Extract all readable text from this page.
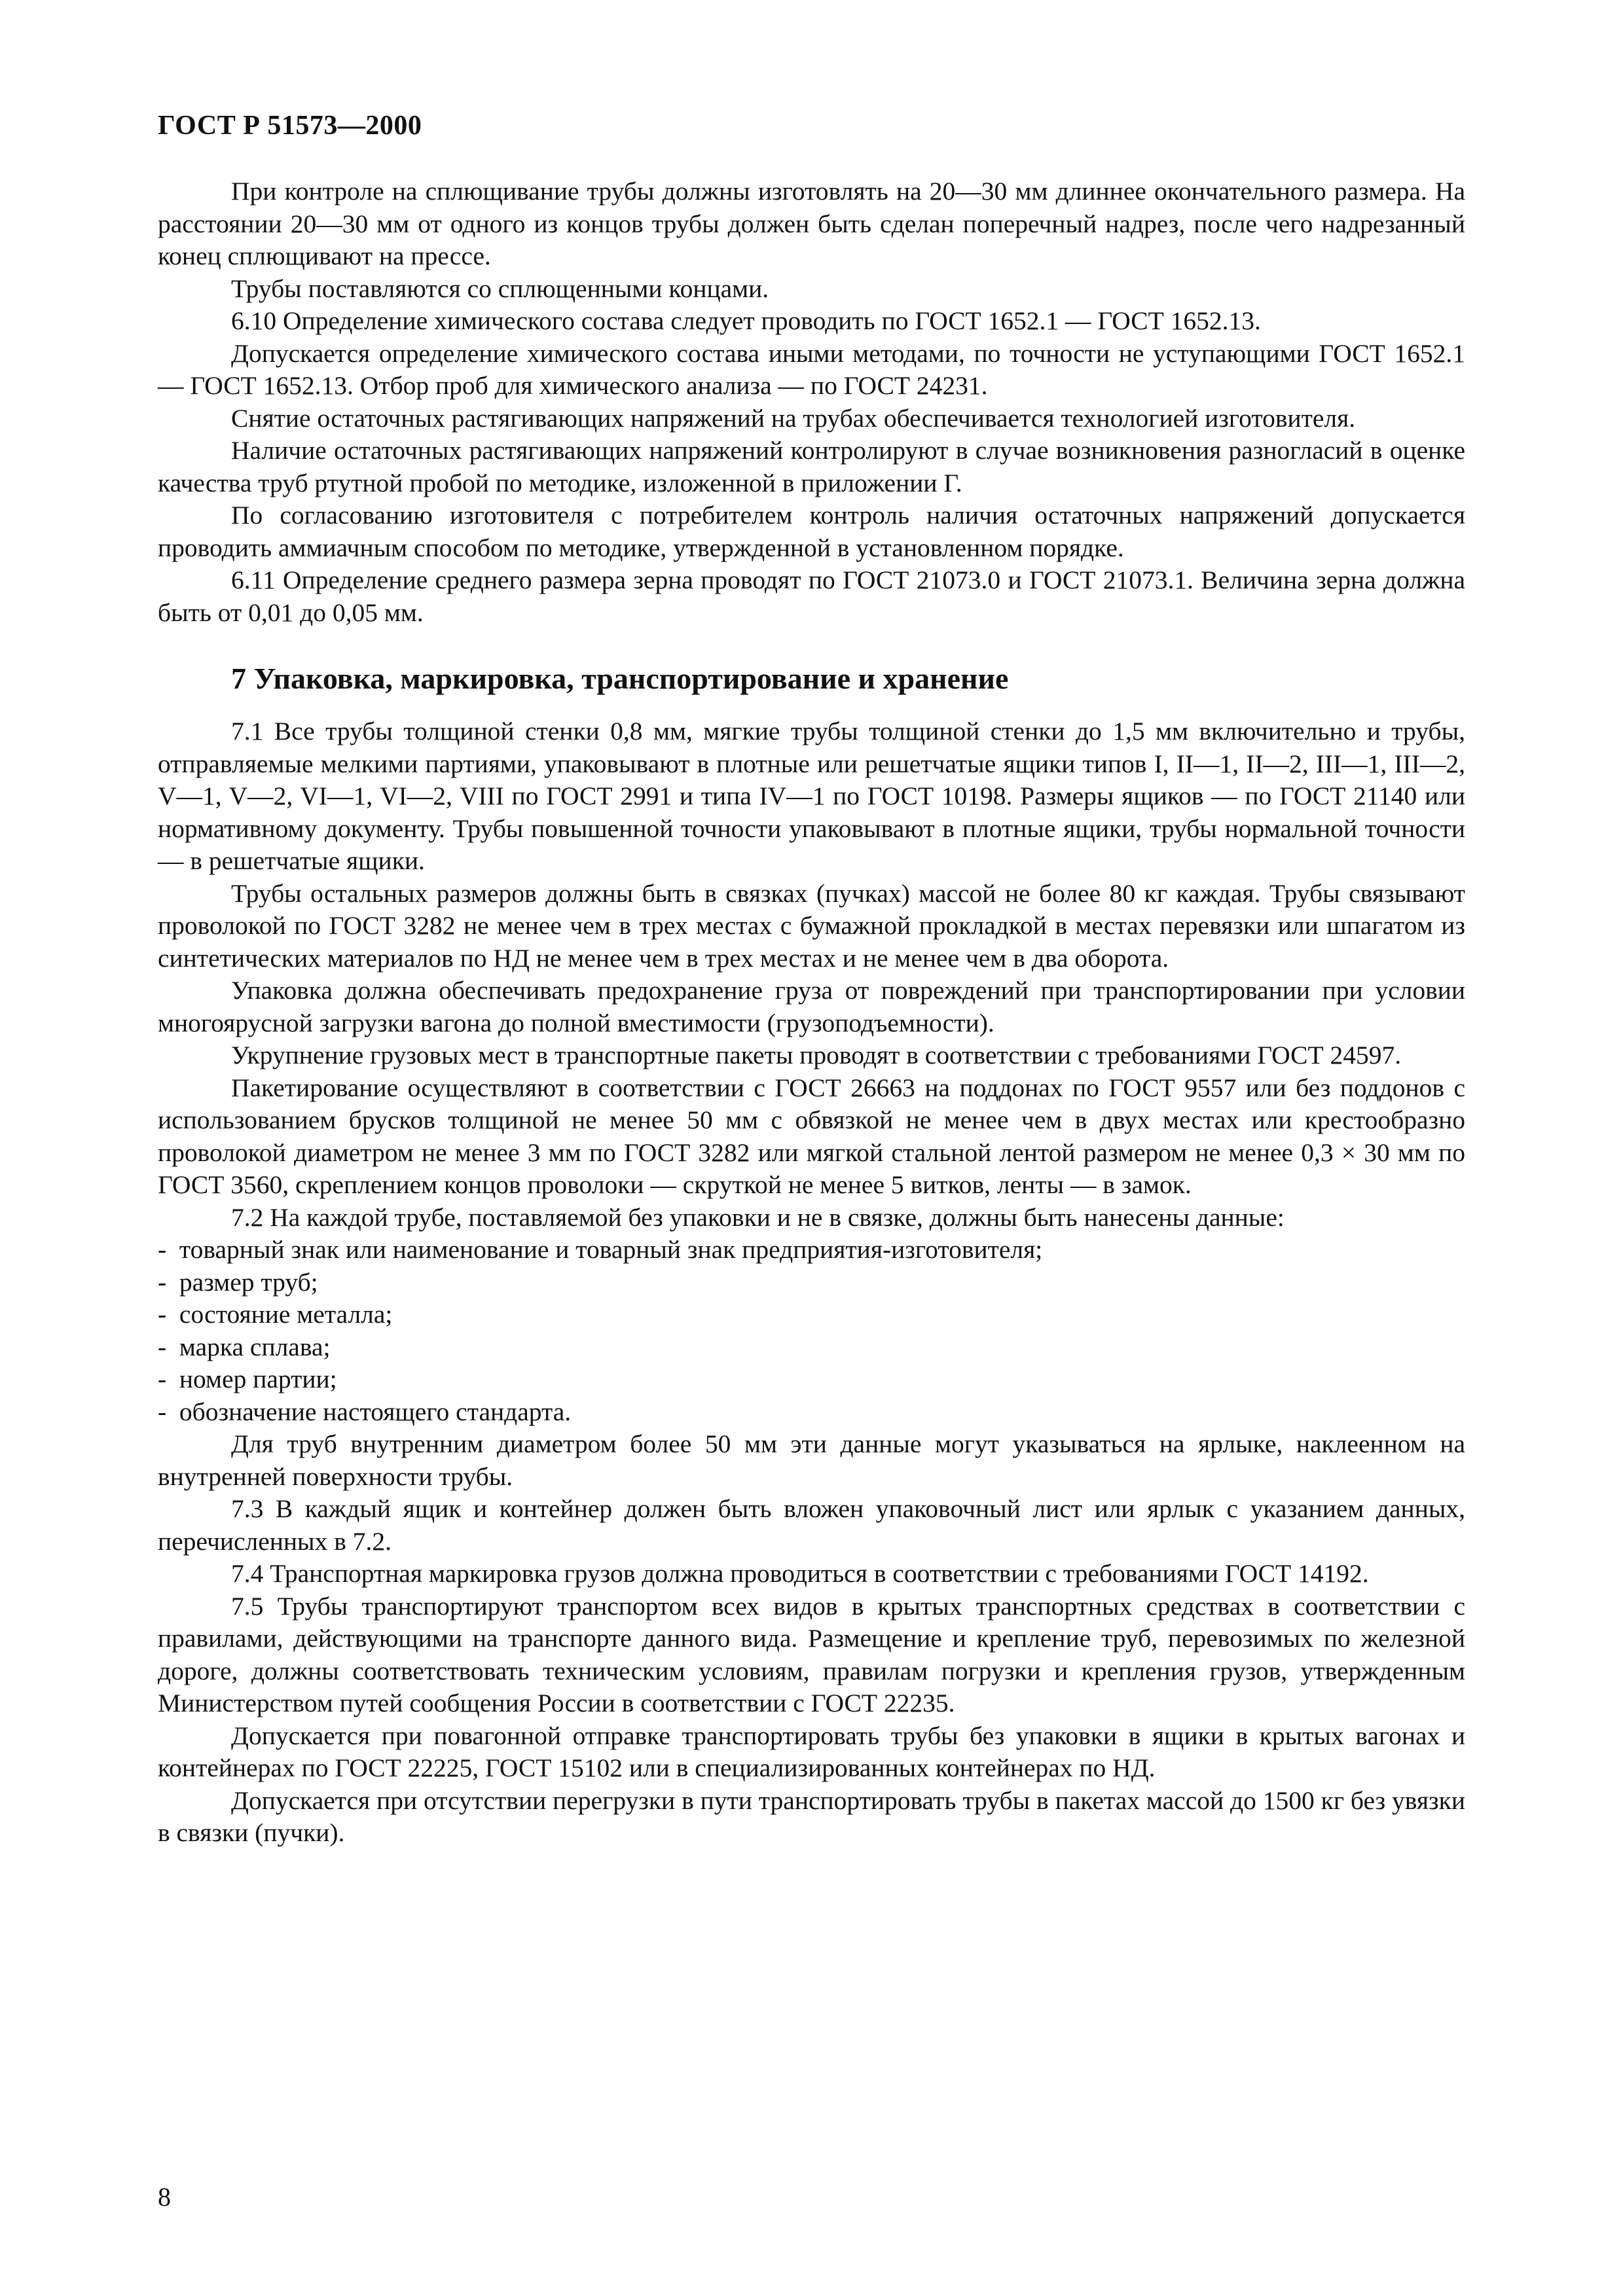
ГОСТ Р 51573—2000

При контроле на сплющивание трубы должны изготовлять на 20—30 мм длиннее окончательного размера. На расстоянии 20—30 мм от одного из концов трубы должен быть сделан поперечный надрез, после чего надрезанный конец сплющивают на прессе.

Трубы поставляются со сплющенными концами.

6.10 Определение химического состава следует проводить по ГОСТ 1652.1 — ГОСТ 1652.13.

Допускается определение химического состава иными методами, по точности не уступающими ГОСТ 1652.1 — ГОСТ 1652.13. Отбор проб для химического анализа — по ГОСТ 24231.

Снятие остаточных растягивающих напряжений на трубах обеспечивается технологией изготовителя.

Наличие остаточных растягивающих напряжений контролируют в случае возникновения разногласий в оценке качества труб ртутной пробой по методике, изложенной в приложении Г.

По согласованию изготовителя с потребителем контроль наличия остаточных напряжений допускается проводить аммиачным способом по методике, утвержденной в установленном порядке.

6.11 Определение среднего размера зерна проводят по ГОСТ 21073.0 и ГОСТ 21073.1. Величина зерна должна быть от 0,01 до 0,05 мм.

7 Упаковка, маркировка, транспортирование и хранение

7.1 Все трубы толщиной стенки 0,8 мм, мягкие трубы толщиной стенки до 1,5 мм включительно и трубы, отправляемые мелкими партиями, упаковывают в плотные или решетчатые ящики типов I, II—1, II—2, III—1, III—2, V—1, V—2, VI—1, VI—2, VIII по ГОСТ 2991 и типа IV—1 по ГОСТ 10198. Размеры ящиков — по ГОСТ 21140 или нормативному документу. Трубы повышенной точности упаковывают в плотные ящики, трубы нормальной точности — в решетчатые ящики.

Трубы остальных размеров должны быть в связках (пучках) массой не более 80 кг каждая. Трубы связывают проволокой по ГОСТ 3282 не менее чем в трех местах с бумажной прокладкой в местах перевязки или шпагатом из синтетических материалов по НД не менее чем в трех местах и не менее чем в два оборота.

Упаковка должна обеспечивать предохранение груза от повреждений при транспортировании при условии многоярусной загрузки вагона до полной вместимости (грузоподъемности).

Укрупнение грузовых мест в транспортные пакеты проводят в соответствии с требованиями ГОСТ 24597.

Пакетирование осуществляют в соответствии с ГОСТ 26663 на поддонах по ГОСТ 9557 или без поддонов с использованием брусков толщиной не менее 50 мм с обвязкой не менее чем в двух местах или крестообразно проволокой диаметром не менее 3 мм по ГОСТ 3282 или мягкой стальной лентой размером не менее 0,3 × 30 мм по ГОСТ 3560, скреплением концов проволоки — скруткой не менее 5 витков, ленты — в замок.

7.2 На каждой трубе, поставляемой без упаковки и не в связке, должны быть нанесены данные:

-  товарный знак или наименование и товарный знак предприятия-изготовителя;
-  размер труб;
-  состояние металла;
-  марка сплава;
-  номер партии;
-  обозначение настоящего стандарта.

Для труб внутренним диаметром более 50 мм эти данные могут указываться на ярлыке, наклеенном на внутренней поверхности трубы.

7.3 В каждый ящик и контейнер должен быть вложен упаковочный лист или ярлык с указанием данных, перечисленных в 7.2.

7.4 Транспортная маркировка грузов должна проводиться в соответствии с требованиями ГОСТ 14192.

7.5 Трубы транспортируют транспортом всех видов в крытых транспортных средствах в соответствии с правилами, действующими на транспорте данного вида. Размещение и крепление труб, перевозимых по железной дороге, должны соответствовать техническим условиям, правилам погрузки и крепления грузов, утвержденным Министерством путей сообщения России в соответствии с ГОСТ 22235.

Допускается при повагонной отправке транспортировать трубы без упаковки в ящики в крытых вагонах и контейнерах по ГОСТ 22225, ГОСТ 15102 или в специализированных контейнерах по НД.

Допускается при отсутствии перегрузки в пути транспортировать трубы в пакетах массой до 1500 кг без увязки в связки (пучки).

8
